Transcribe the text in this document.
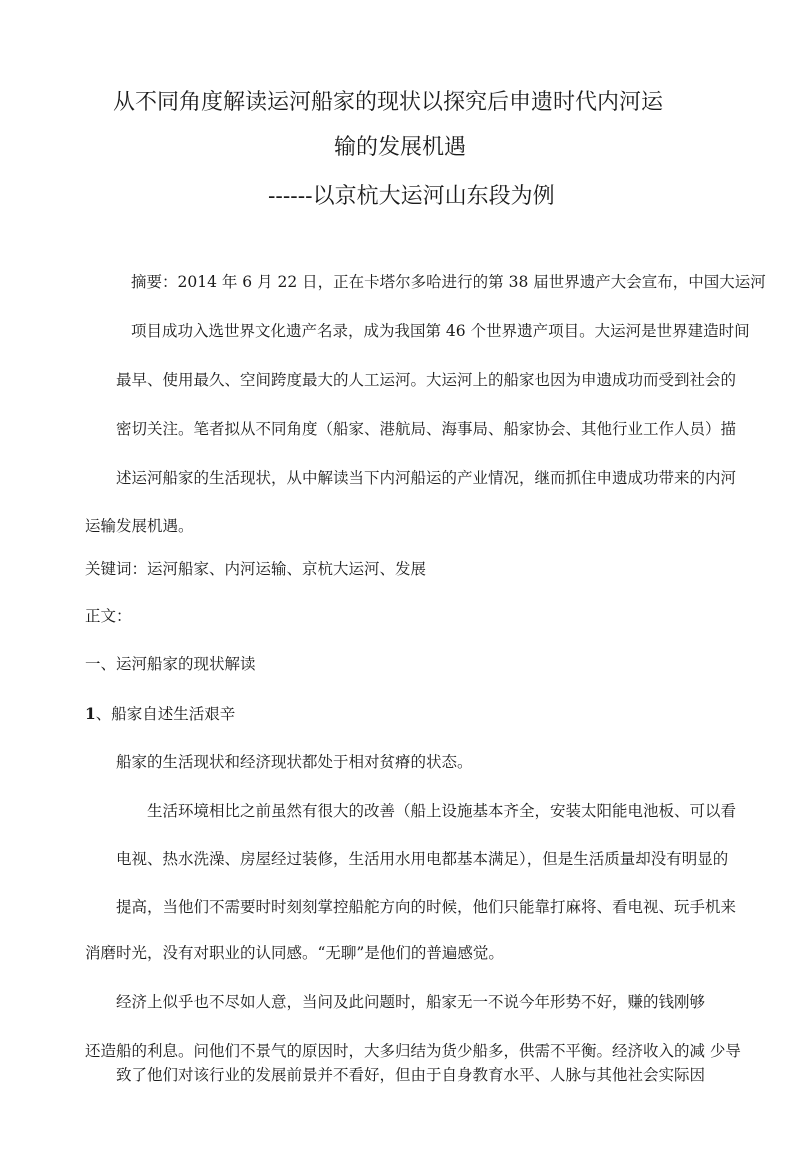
从不同角度解读运河船家的现状以探究后申遗时代内河运
输的发展机遇
------以京杭大运河山东段为例
摘要：2014 年 6 月 22 日，正在卡塔尔多哈进行的第 38 届世界遗产大会宣布，中国大运河
项目成功入选世界文化遗产名录，成为我国第 46 个世界遗产项目。大运河是世界建造时间
最早、使用最久、空间跨度最大的人工运河。大运河上的船家也因为申遗成功而受到社会的
密切关注。笔者拟从不同角度（船家、港航局、海事局、船家协会、其他行业工作人员）描
述运河船家的生活现状，从中解读当下内河船运的产业情况，继而抓住申遗成功带来的内河
运输发展机遇。
关键词：运河船家、内河运输、京杭大运河、发展
正文：
一、运河船家的现状解读
1、船家自述生活艰辛
船家的生活现状和经济现状都处于相对贫瘠的状态。
生活环境相比之前虽然有很大的改善（船上设施基本齐全，安装太阳能电池板、可以看
电视、热水洗澡、房屋经过装修，生活用水用电都基本满足），但是生活质量却没有明显的
提高，当他们不需要时时刻刻掌控船舵方向的时候，他们只能靠打麻将、看电视、玩手机来
消磨时光，没有对职业的认同感。“无聊”是他们的普遍感觉。
经济上似乎也不尽如人意，当问及此问题时，船家无一不说今年形势不好，赚的钱刚够
还造船的利息。问他们不景气的原因时，大多归结为货少船多，供需不平衡。经济收入的减 少导
致了他们对该行业的发展前景并不看好，但由于自身教育水平、人脉与其他社会实际因
